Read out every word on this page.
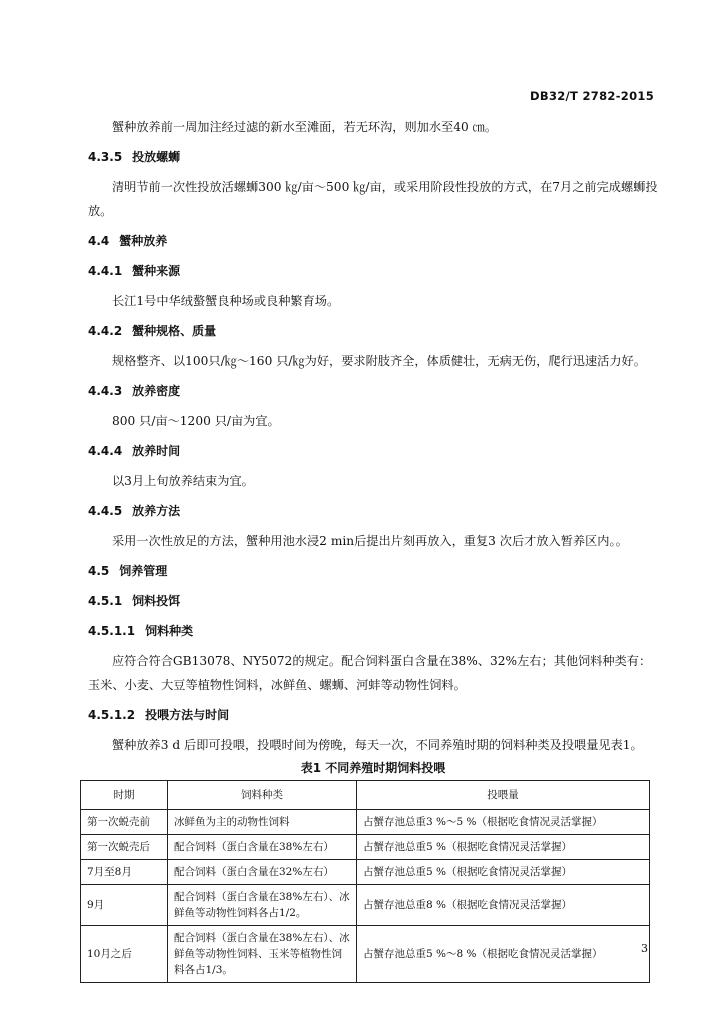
DB32/T 2782-2015

蟹种放养前一周加注经过滤的新水至滩面，若无环沟，则加水至40 ㎝。

4.3.5 投放螺蛳

清明节前一次性投放活螺蛳300 ㎏/亩～500 ㎏/亩，或采用阶段性投放的方式，在7月之前完成螺蛳投放。

4.4 蟹种放养
4.4.1 蟹种来源

长江1号中华绒螯蟹良种场或良种繁育场。

4.4.2 蟹种规格、质量

规格整齐、以100只/㎏～160 只/㎏为好，要求附肢齐全，体质健壮，无病无伤，爬行迅速活力好。

4.4.3 放养密度

800 只/亩～1200 只/亩为宜。

4.4.4 放养时间

以3月上旬放养结束为宜。

4.4.5 放养方法

采用一次性放足的方法，蟹种用池水浸2 min后提出片刻再放入，重复3 次后才放入暂养区内。。

4.5 饲养管理
4.5.1 饲料投饵
4.5.1.1 饲料种类

应符合符合GB13078、NY5072的规定。配合饲料蛋白含量在38%、32%左右；其他饲料种类有：玉米、小麦、大豆等植物性饲料，冰鲜鱼、螺蛳、河蚌等动物性饲料。

4.5.1.2 投喂方法与时间

蟹种放养3 d 后即可投喂，投喂时间为傍晚，每天一次，不同养殖时期的饲料种类及投喂量见表1。

表1 不同养殖时期饲料投喂
时期	饲料种类	投喂量
第一次蜕壳前	冰鲜鱼为主的动物性饲料	占蟹存池总重3 %～5 %（根据吃食情况灵活掌握）
第一次蜕壳后	配合饲料（蛋白含量在38%左右）	占蟹存池总重5 %（根据吃食情况灵活掌握）
7月至8月	配合饲料（蛋白含量在32%左右）	占蟹存池总重5 %（根据吃食情况灵活掌握）
9月	配合饲料（蛋白含量在38%左右）、冰鲜鱼等动物性饲料各占1/2。	占蟹存池总重8 %（根据吃食情况灵活掌握）
10月之后	配合饲料（蛋白含量在38%左右）、冰鲜鱼等动物性饲料、玉米等植物性饲料各占1/3。	占蟹存池总重5 %～8 %（根据吃食情况灵活掌握）	3
